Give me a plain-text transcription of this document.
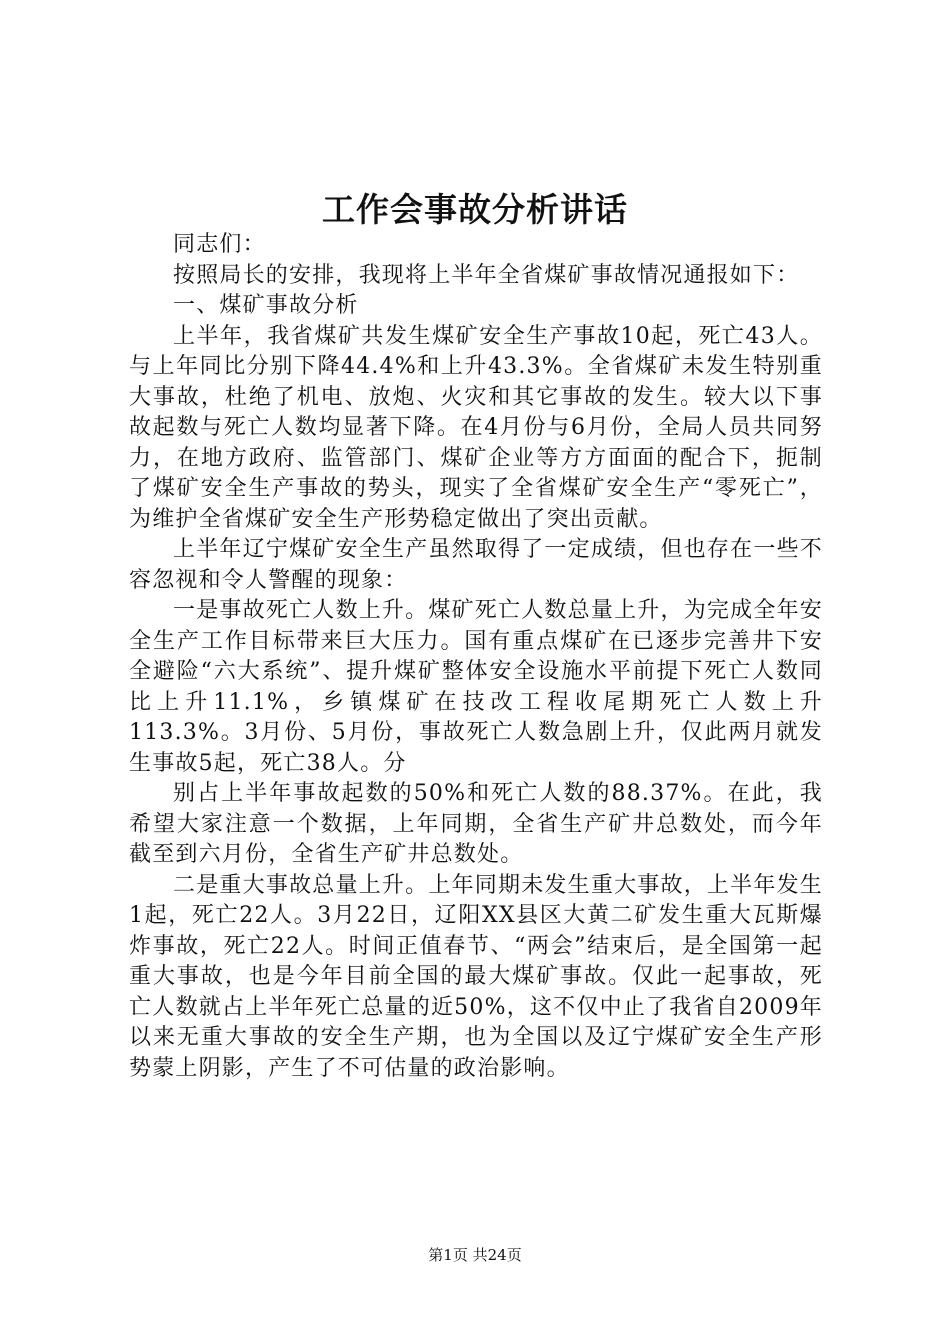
工作会事故分析讲话

同志们：

按照局长的安排，我现将上半年全省煤矿事故情况通报如下：

一、煤矿事故分析

上半年，我省煤矿共发生煤矿安全生产事故10起，死亡43人。与上年同比分别下降44.4%和上升43.3%。全省煤矿未发生特别重大事故，杜绝了机电、放炮、火灾和其它事故的发生。较大以下事故起数与死亡人数均显著下降。在4月份与6月份，全局人员共同努力，在地方政府、监管部门、煤矿企业等方方面面的配合下，扼制了煤矿安全生产事故的势头，现实了全省煤矿安全生产“零死亡”，为维护全省煤矿安全生产形势稳定做出了突出贡献。

上半年辽宁煤矿安全生产虽然取得了一定成绩，但也存在一些不容忽视和令人警醒的现象：

一是事故死亡人数上升。煤矿死亡人数总量上升，为完成全年安全生产工作目标带来巨大压力。国有重点煤矿在已逐步完善井下安全避险“六大系统”、提升煤矿整体安全设施水平前提下死亡人数同比上升11.1%，乡镇煤矿在技改工程收尾期死亡人数上升113.3%。3月份、5月份，事故死亡人数急剧上升，仅此两月就发生事故5起，死亡38人。分

别占上半年事故起数的50%和死亡人数的88.37%。在此，我希望大家注意一个数据，上年同期，全省生产矿井总数处，而今年截至到六月份，全省生产矿井总数处。

二是重大事故总量上升。上年同期未发生重大事故，上半年发生1起，死亡22人。3月22日，辽阳XX县区大黄二矿发生重大瓦斯爆炸事故，死亡22人。时间正值春节、“两会”结束后，是全国第一起重大事故，也是今年目前全国的最大煤矿事故。仅此一起事故，死亡人数就占上半年死亡总量的近50%，这不仅中止了我省自2009年以来无重大事故的安全生产期，也为全国以及辽宁煤矿安全生产形势蒙上阴影，产生了不可估量的政治影响。

第1页 共24页
